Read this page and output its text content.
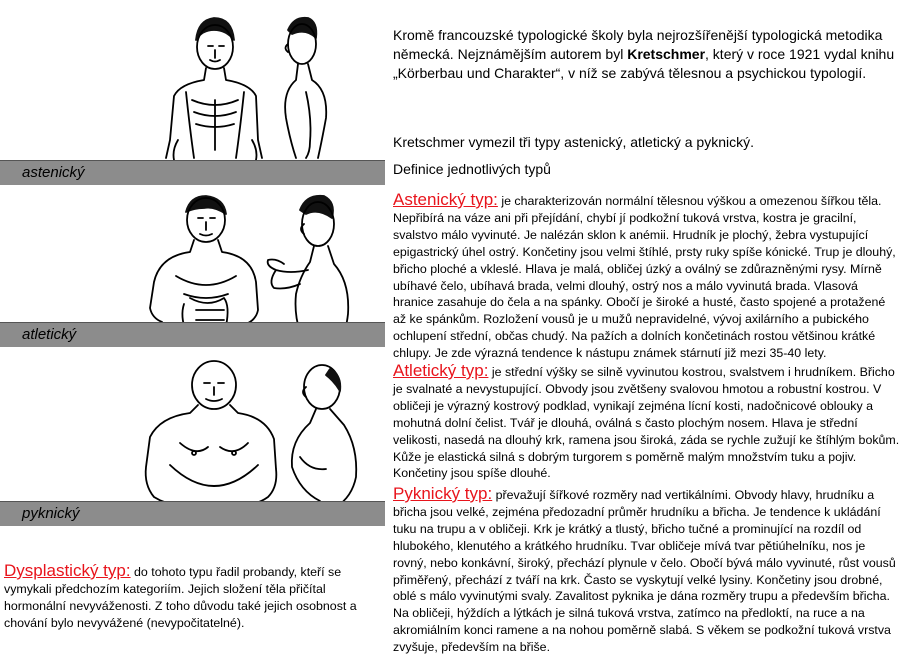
astenický
atletický
pyknický
Kromě francouzské typologické školy byla nejrozšířenější typologická metodika německá. Nejznámějším autorem byl Kretschmer, který v roce 1921 vydal knihu „Körberbau und Charakter“, v níž se zabývá tělesnou a psychickou typologií.
Kretschmer vymezil tři typy astenický, atletický a pyknický.
Definice jednotlivých typů
Astenický typ: je charakterizován normální tělesnou výškou a omezenou šířkou těla. Nepřibírá na váze ani při přejídání, chybí jí podkožní tuková vrstva, kostra je gracilní, svalstvo málo vyvinuté. Je nalézán sklon k anémii. Hrudník je plochý, žebra vystupující epigastrický úhel ostrý. Končetiny jsou velmi štíhlé, prsty ruky spíše kónické. Trup je dlouhý, břicho ploché a vkleslé. Hlava je malá, obličej úzký a oválný se zdůrazněnými rysy. Mírně ubíhavé čelo, ubíhavá brada, velmi dlouhý, ostrý nos a málo vyvinutá brada. Vlasová hranice zasahuje do čela a na spánky. Obočí je široké a husté, často spojené a protažené až ke spánkům. Rozložení vousů je u mužů nepravidelné, vývoj axilárního a pubického ochlupení střední, občas chudý. Na pažích a dolních končetinách rostou většinou krátké chlupy. Je zde výrazná tendence k nástupu známek stárnutí již mezi 35-40 lety.
Atletický typ: je střední výšky se silně vyvinutou kostrou, svalstvem i hrudníkem. Břicho je svalnaté a nevystupující. Obvody jsou zvětšeny svalovou hmotou a robustní kostrou. V obličeji je výrazný kostrový podklad, vynikají zejména lícní kosti, nadočnicové oblouky a mohutná dolní čelist. Tvář je dlouhá, oválná s často plochým nosem. Hlava je střední velikosti, nasedá na dlouhý krk, ramena jsou široká, záda se rychle zužují ke štíhlým bokům. Kůže je elastická silná s dobrým turgorem s poměrně malým množstvím tuku a pojiv. Končetiny jsou spíše dlouhé.
Pyknický typ: převažují šířkové rozměry nad vertikálními. Obvody hlavy, hrudníku a břicha jsou velké, zejména předozadní průměr hrudníku a břicha. Je tendence k ukládání tuku na trupu a v obličeji. Krk je krátký a tlustý, břicho tučné a prominující na rozdíl od hlubokého, klenutého a krátkého hrudníku. Tvar obličeje mívá tvar pětiúhelníku, nos je rovný, nebo konkávní, široký, přechází plynule v čelo. Obočí bývá málo vyvinuté, růst vousů přiměřený, přechází z tváří na krk. Často se vyskytují velké lysiny. Končetiny jsou drobné, oblé s málo vyvinutými svaly. Zavalitost pyknika je dána rozměry trupu a především břicha. Na obličeji, hýždích a lýtkách je silná tuková vrstva, zatímco na předloktí, na ruce a na akromiálním konci ramene a na nohou poměrně slabá. S věkem se podkožní tuková vrstva zvyšuje, především na břiše.
Dysplastický typ: do tohoto typu řadil probandy, kteří se vymykali předchozím kategoriím. Jejich složení těla přičítal hormonální nevyváženosti. Z toho důvodu také jejich osobnost a chování bylo nevyvážené (nevypočitatelné).
